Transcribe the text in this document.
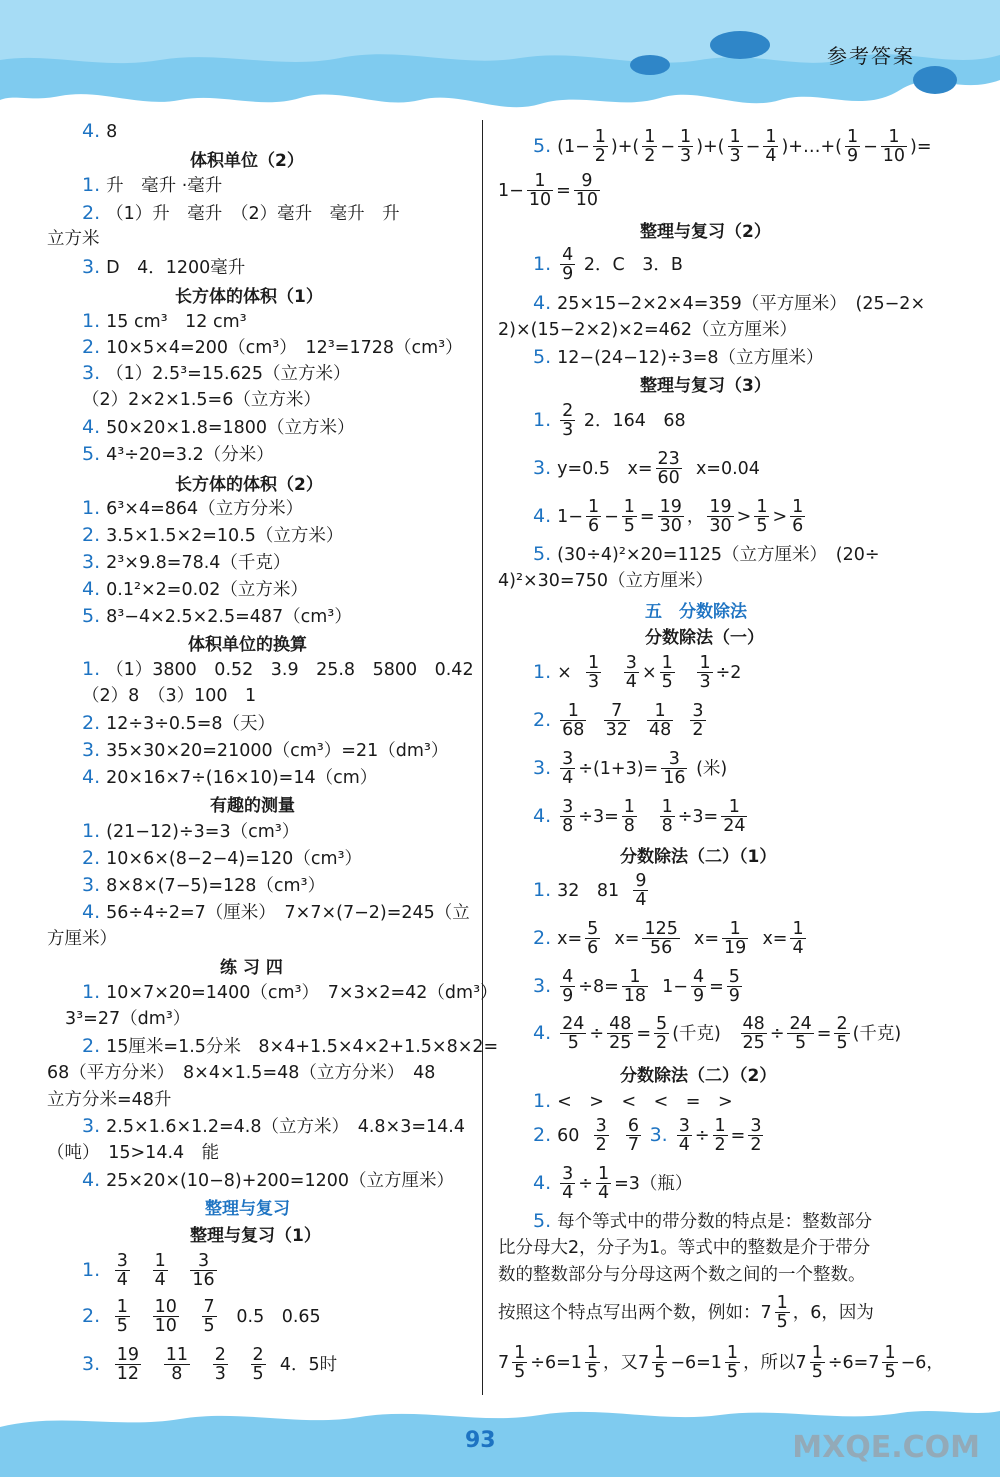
参考答案
4. 8
体积单位（2）
1. 升　毫升 ·毫升
2. （1）升　毫升　（2）毫升　毫升　升
立方米
3. D　4．1200毫升
长方体的体积（1）
1. 15 cm³　12 cm³
2. 10×5×4=200（cm³）　12³=1728（cm³）
3. （1）2.5³=15.625（立方米）
（2）2×2×1.5=6（立方米）
4. 50×20×1.8=1800（立方米）
5. 4³÷20=3.2（分米）
长方体的体积（2）
1. 6³×4=864（立方分米）
2. 3.5×1.5×2=10.5（立方米）
3. 2³×9.8=78.4（千克）
4. 0.1²×2=0.02（立方米）
5. 8³−4×2.5×2.5=487（cm³）
体积单位的换算
1. （1）3800　0.52　3.9　25.8　5800　0.42
（2）8　（3）100　1
2. 12÷3÷0.5=8（天）
3. 35×30×20=21000（cm³）=21（dm³）
4. 20×16×7÷(16×10)=14（cm）
有趣的测量
1. (21−12)÷3=3（cm³）
2. 10×6×(8−2−4)=120（cm³）
3. 8×8×(7−5)=128（cm³）
4. 56÷4÷2=7（厘米）　7×7×(7−2)=245（立
方厘米）
练 习 四
1. 10×7×20=1400（cm³）　7×3×2=42（dm³）
3³=27（dm³）
2. 15厘米=1.5分米　8×4+1.5×4×2+1.5×8×2=
68（平方分米）　8×4×1.5=48（立方分米）　48
立方分米=48升
3. 2.5×1.6×1.2=4.8（立方米）　4.8×3=14.4
（吨）　15>14.4　能
4. 25×20×(10−8)+200=1200（立方厘米）
整理与复习
整理与复习（1）
1. $\frac{3}{4}$
$\frac{1}{4}$
$\frac{3}{16}$
2. $\frac{1}{5}$
$\frac{10}{10}$
$\frac{7}{5} 0.5$　0.65
3. $\frac{19}{12}$
$\frac{11}{8}$
$\frac{2}{3}$
$\frac{2}{5} 4$．5时
5. ($1- \frac{1}{2}$ )+( $\frac{1}{2} - \frac{1}{3}$ )+( $\frac{1}{3} - \frac{1}{4}$ )+…+( $\frac{1}{9} - \frac{1}{10}$ )=
$1- \frac{1}{10} = \frac{9}{10}$
整理与复习（2）
1. $\frac{4}{9} 2$．C　3．B
4. 25×15−2×2×4=359（平方厘米）　(25−2×
2)×(15−2×2)×2=462（立方厘米）
5. 12−(24−12)÷3=8（立方厘米）
整理与复习（3）
1. $\frac{2}{3} 2$．164　68
3. y=0.5　$x= \frac{23}{60} x=0.04$
4. $1- \frac{1}{6} - \frac{1}{5} = \frac{19}{30}$ ， $\frac{19}{30} > \frac{1}{5} > \frac{1}{6}$
5. (30÷4)²×20=1125（立方厘米）　(20÷
4)²×30=750（立方厘米）
五　分数除法
分数除法（一）
1. × $\frac{1}{3}$
$\frac{3}{4} \times \frac{1}{5}$
$\frac{1}{3} \div 2$
2. $\frac{1}{68}$
$\frac{7}{32}$
$\frac{1}{48}$
$\frac{3}{2}$
3. $\frac{3}{4} \div(1+3)= \frac{3}{16}$ (米)
4. $\frac{3}{8} \div 3= \frac{1}{8}$
$\frac{1}{8} \div 3= \frac{1}{24}$
分数除法（二）（1）
1. 32　$81 \frac{9}{4}$
2. $x= \frac{5}{6} x= \frac{125}{56} x= \frac{1}{19} x= \frac{1}{4}$
3. $\frac{4}{9} \div 8= \frac{1}{18} 1- \frac{4}{9} = \frac{5}{9}$
4. $\frac{24}{5} \div \frac{48}{25} = \frac{5}{2}$ (千克) $\frac{48}{25} \div \frac{24}{5} = \frac{2}{5}$ (千克)
分数除法（二）（2）
1. <　>　<　<　=　>
2. $60 \frac{3}{2}$
$\frac{6}{7} 3$. $\frac{3}{4} \div \frac{1}{2} = \frac{3}{2}$
4. $\frac{3}{4} \div \frac{1}{4} =3$（瓶）
5. 每个等式中的带分数的特点是：整数部分
比分母大2，分子为1。等式中的整数是介于带分
数的整数部分与分母这两个数之间的一个整数。
按照这个特点写出两个数，例如：$7 \frac{1}{5}$ ，6，因为
$7 \frac{1}{5} \div 6=1 \frac{1}{5}$ ，又$7 \frac{1}{5} -6=1 \frac{1}{5}$ ，所以$7 \frac{1}{5} \div 6=7 \frac{1}{5} -6$，
93	MXQE.COM
